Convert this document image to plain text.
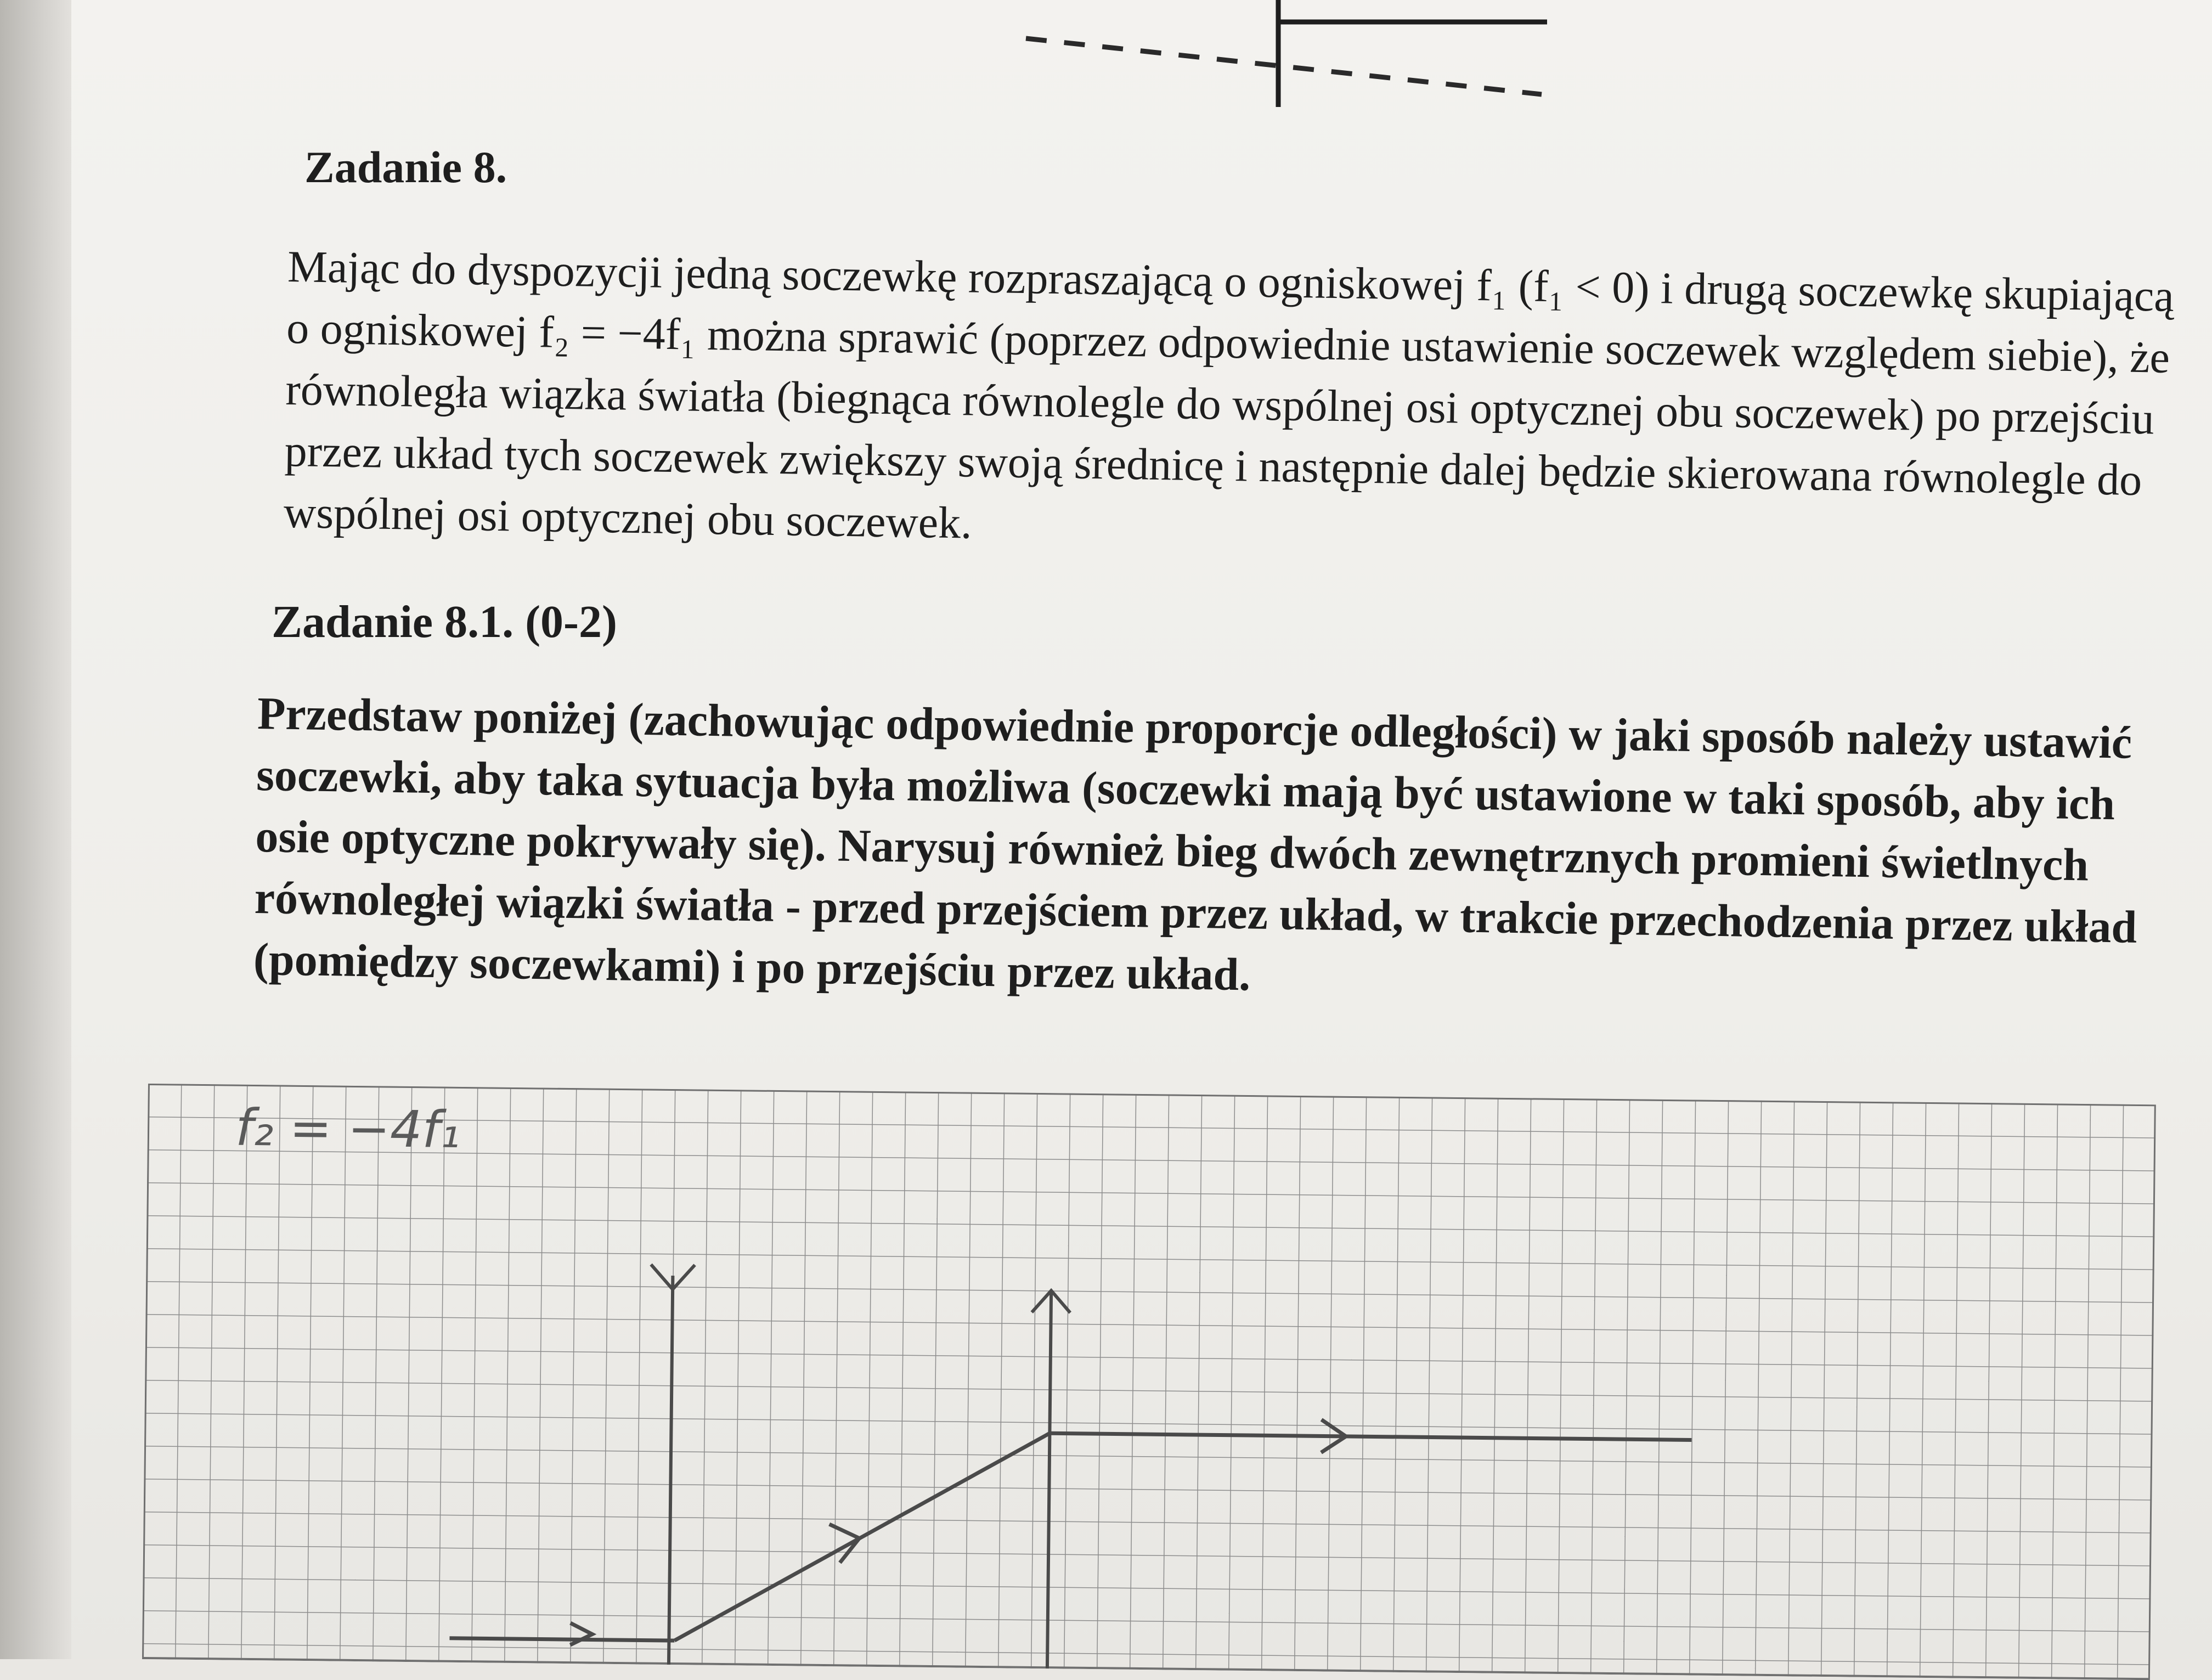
Zadanie 8.

Mając do dyspozycji jedną soczewkę rozpraszającą o ogniskowej f₁ (f₁ < 0) i drugą soczewkę skupiającą o ogniskowej f₂ = −4f₁ można sprawić (poprzez odpowiednie ustawienie soczewek względem siebie), że równoległa wiązka światła (biegnąca równolegle do wspólnej osi optycznej obu soczewek) po przejściu przez układ tych soczewek zwiększy swoją średnicę i następnie dalej będzie skierowana równolegle do wspólnej osi optycznej obu soczewek.

Zadanie 8.1. (0-2)

Przedstaw poniżej (zachowując odpowiednie proporcje odległości) w jaki sposób należy ustawić soczewki, aby taka sytuacja była możliwa (soczewki mają być ustawione w taki sposób, aby ich osie optyczne pokrywały się). Narysuj również bieg dwóch zewnętrznych promieni świetlnych równoległej wiązki światła - przed przejściem przez układ, w trakcie przechodzenia przez układ (pomiędzy soczewkami) i po przejściu przez układ.

f₂ = −4f₁
